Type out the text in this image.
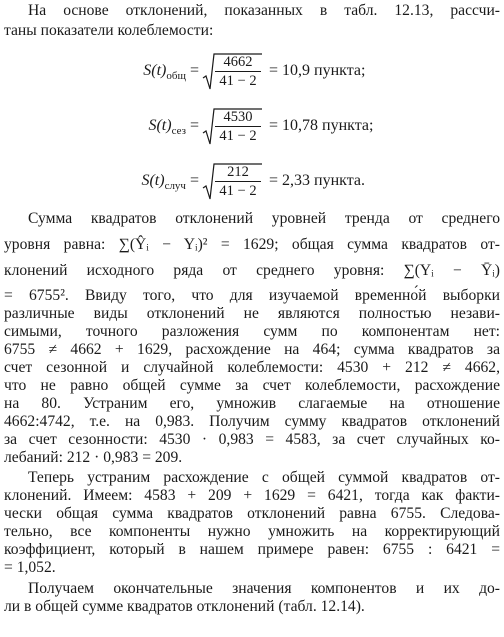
На основе отклонений, показанных в табл. 12.13, рассчи-
таны показатели колеблемости:
$S(t)_{общ} = \frac{4662}{41 - 2} = 10,9$ пункта;
$S(t)_{сез} = \frac{4530}{41 - 2} = 10,78$ пункта;
$S(t)_{случ} = \frac{212}{41 - 2} = 2,33$ пункта.
Сумма квадратов отклонений уровней тренда от среднего
уровня равна: ∑(Ŷᵢ − Yᵢ)² = 1629; общая сумма квадратов от-
клонений исходного ряда от среднего уровня: ∑(Yᵢ − Ȳᵢ)
= 6755². Ввиду того, что для изучаемой временно́й выборки
различные виды отклонений не являются полностью незави-
симыми, точного разложения сумм по компонентам нет:
6755 ≠ 4662 + 1629, расхождение на 464; сумма квадратов за
счет сезонной и случайной колеблемости: 4530 + 212 ≠ 4662,
что не равно общей сумме за счет колеблемости, расхождение
на 80. Устраним его, умножив слагаемые на отношение
4662:4742, т.е. на 0,983. Получим сумму квадратов отклонений
за счет сезонности: 4530 · 0,983 = 4583, за счет случайных ко-
лебаний: 212 · 0,983 = 209.
Теперь устраним расхождение с общей суммой квадратов от-
клонений. Имеем: 4583 + 209 + 1629 = 6421, тогда как факти-
чески общая сумма квадратов отклонений равна 6755. Следова-
тельно, все компоненты нужно умножить на корректирующий
коэффициент, который в нашем примере равен: 6755 : 6421 =
= 1,052.
Получаем окончательные значения компонентов и их до-
ли в общей сумме квадратов отклонений (табл. 12.14).
